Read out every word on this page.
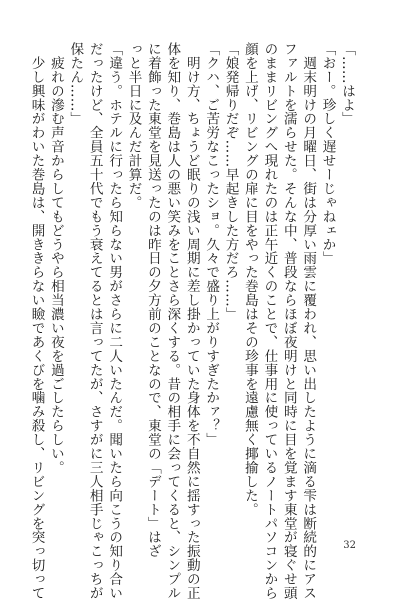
「……はよ」

「おー。珍しく遅せーじゃねェか」

　週末明けの月曜日、街は分厚い雨雲に覆われ、思い出したように滴る雫は断続的にアス

ファルトを濡らせた。そんな中、普段ならほぼ夜明けと同時に目を覚ます東堂が寝ぐせ頭

のままリビングへ現れたのは正午近くのことで、仕事用に使っているノートパソコンから

顔を上げ、リビングの扉に目をやった巻島はその珍事を遠慮無く揶揄した。

「娘発帰りだぞ……早起きした方だろ……」

「クハ、ご苦労なこったショ。久々で盛り上がりすぎたかァ？」

　明け方、ちょうど眠りの浅い周期に差し掛かっていた身体を不自然に揺すった振動の正

体を知り、巻島は人の悪い笑みをことさら深くする。昔の相手に会ってくると、シンプル

に着飾った東堂を見送ったのは昨日の夕方前のことなので、東堂の「デート」はざ

っと半日に及んだ計算だ。

「違う。ホテルに行ったら知らない男がさらに二人いたんだ。聞いたら向こうの知り合い

だったけど、全員五十代でもう衰えてるとは言ってたが、さすがに三人相手じゃこっちが

保たん……」

　疲れの滲む声音からしてもどうやら相当濃い夜を過ごしたらしい。

　少し興味がわいた巻島は、開ききらない瞼であくびを噛み殺し、リビングを突っ切って	32
